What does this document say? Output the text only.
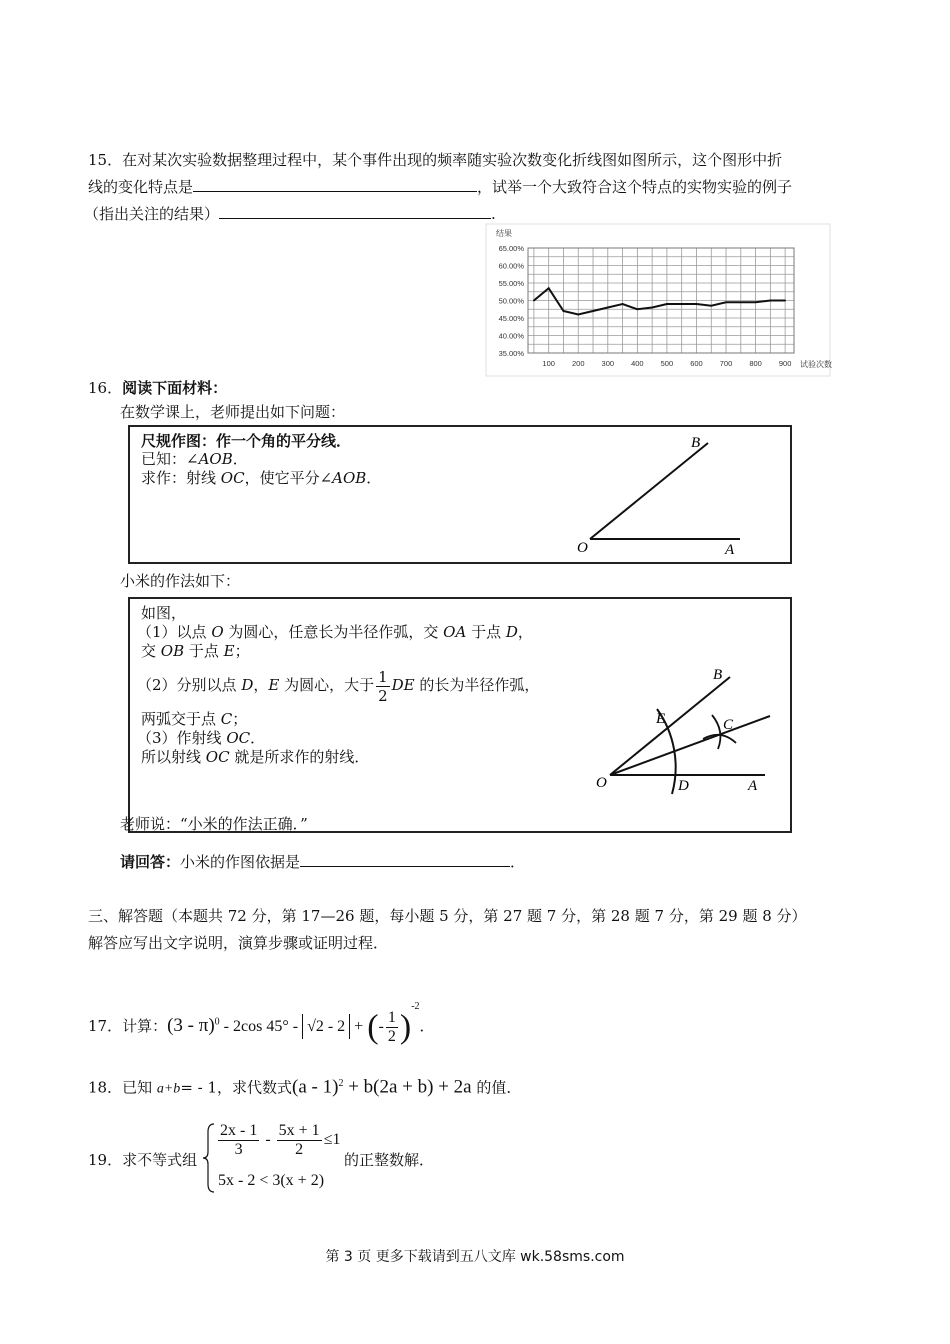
15．在对某次实验数据整理过程中，某个事件出现的频率随实验次数变化折线图如图所示，这个图形中折
线的变化特点是	，试举一个大致符合这个特点的实物实验的例子
（指出关注的结果）	.
65.00%
60.00%
55.00%
50.00%
45.00%
40.00%
35.00%
100 200 300 400 500 600 700 800 900
结果
试验次数
16．阅读下面材料：
在数学课上，老师提出如下问题：
尺规作图：作一个角的平分线．
已知：∠AOB．
求作：射线 OC，使它平分∠AOB．
O	A
B
小米的作法如下：
如图，
（1）以点 O 为圆心，任意长为半径作弧，交 OA 于点 D，
交 OB 于点 E；
（2）分别以点 D，E 为圆心，大于 $\frac{1}{2}$ DE 的长为半径作弧，
两弧交于点 C；
（3）作射线 OC．
所以射线 OC 就是所求作的射线．
O	A
B
C
D
E
老师说：“小米的作法正确．”
请回答：小米的作图依据是	．
三、解答题（本题共 72 分，第 17—26 题，每小题 5 分，第 27 题 7 分，第 28 题 7 分，第 29 题 8 分）
解答应写出文字说明，演算步骤或证明过程．
17．计算：(3 - π)$^0$ - 2cos 45° - √2 - 2 + (- $\frac{1}{2} )^{-2}$．
18．已知 a+b= - 1，求代数式(a - 1)$^2$ + b(2a + b) + 2a 的值．
19．求不等式组
$\frac{2x - 1}{3} - \frac{5x + 1}{2} \le 1$
5x - 2 < 3(x + 2)
的正整数解．
第 3 页 更多下载请到五八文库 wk.58sms.com
